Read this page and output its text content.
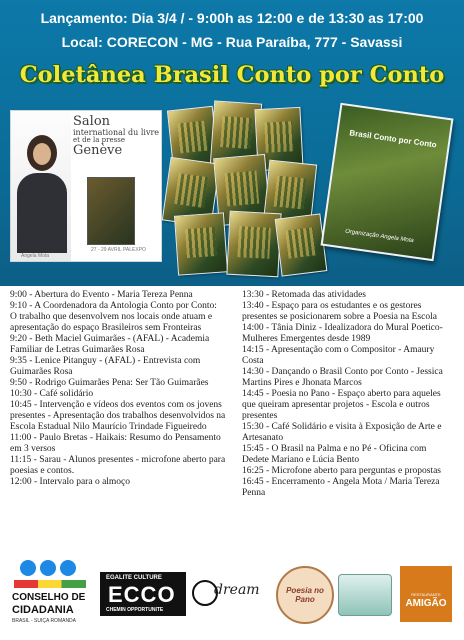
Lançamento: Dia 3/4 / - 9:00h as 12:00 e de 13:30 as 17:00
Local: CORECON - MG - Rua Paraíba, 777 - Savassi
Coletânea Brasil Conto por Conto
Angela Mota
Salon
international du livre
et de la presse
Genève
27 - 29 AVRIL PALEXPO
Brasil Conto por Conto
Organização Angela Mota

9:00 - Abertura do Evento - Maria Tereza Penna

9:10 - A Coordenadora da Antologia Conto por Conto: O trabalho que desenvolvem nos locais onde atuam e apresentação do espaço Brasileiros sem Fronteiras

9:20 - Beth Maciel Guimarães - (AFAL) - Academia Familiar de Letras Guimarães Rosa

9:35 - Lenice Pitanguy - (AFAL) - Entrevista com Guimarães Rosa

9:50 - Rodrigo Guimarães Pena: Ser Tão Guimarães

10:30 - Café solidário

10:45 - Intervenção e vídeos dos eventos com os jovens presentes - Apresentação dos trabalhos desenvolvidos na Escola Estadual Nilo Maurício Trindade Figueiredo

11:00 - Paulo Bretas - Haikais: Resumo do Pensamento em 3 versos

11:15 - Sarau - Alunos presentes - microfone aberto para poesias e contos.

12:00 - Intervalo para o almoço

13:30 - Retomada das atividades

13:40 - Espaço para os estudantes e os gestores presentes se posicionarem sobre a Poesia na Escola

14:00 - Tânia Diniz - Idealizadora do Mural Poetico- Mulheres Emergentes desde 1989

14:15 - Apresentação com o Compositor - Amaury Costa

14:30 - Dançando o Brasil Conto por Conto - Jessica Martins Pires e Jhonata Marcos

14:45 - Poesia no Pano - Espaço aberto para aqueles que queiram apresentar projetos - Escola e outros presentes

15:30 - Café Solidário e visita à Exposição de Arte e Artesanato

15:45 - O Brasil na Palma e no Pé - Oficina com Dedete Mariano e Lúcia Bento

16:25 - Microfone aberto para perguntas e propostas

16:45 - Encerramento - Angela Mota / Maria Tereza Penna

CONSELHO DE
CIDADANIA
BRASIL - SUIÇA ROMANDA
EGALITE CULTURE
ECCO
CHEMIN OPPORTUNITE
dream	Poesia no Pano
RESTAURANTE
AMIGÃO
